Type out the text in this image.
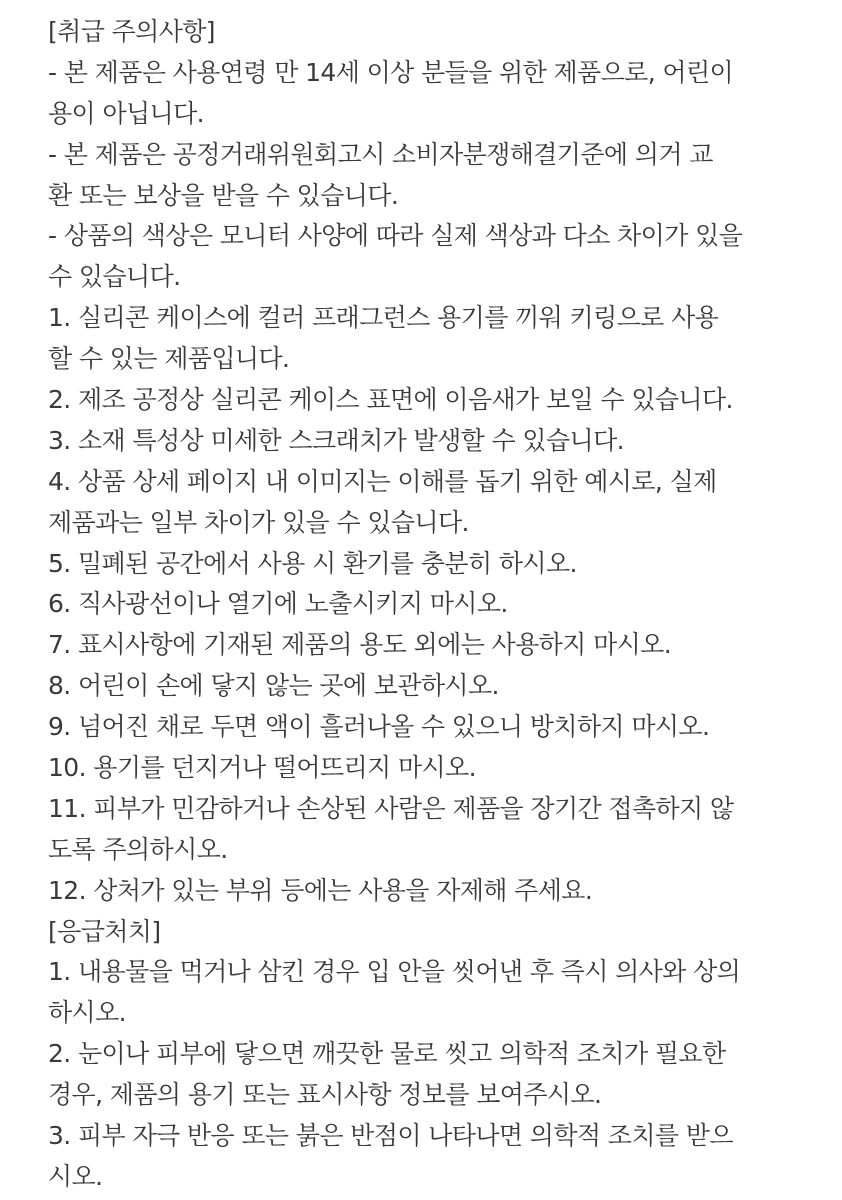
[취급 주의사항]
- 본 제품은 사용연령 만 14세 이상 분들을 위한 제품으로, 어린이
용이 아닙니다.
- 본 제품은 공정거래위원회고시 소비자분쟁해결기준에 의거 교
환 또는 보상을 받을 수 있습니다.
- 상품의 색상은 모니터 사양에 따라 실제 색상과 다소 차이가 있을
수 있습니다.
1. 실리콘 케이스에 컬러 프래그런스 용기를 끼워 키링으로 사용
할 수 있는 제품입니다.
2. 제조 공정상 실리콘 케이스 표면에 이음새가 보일 수 있습니다.
3. 소재 특성상 미세한 스크래치가 발생할 수 있습니다.
4. 상품 상세 페이지 내 이미지는 이해를 돕기 위한 예시로, 실제
제품과는 일부 차이가 있을 수 있습니다.
5. 밀폐된 공간에서 사용 시 환기를 충분히 하시오.
6. 직사광선이나 열기에 노출시키지 마시오.
7. 표시사항에 기재된 제품의 용도 외에는 사용하지 마시오.
8. 어린이 손에 닿지 않는 곳에 보관하시오.
9. 넘어진 채로 두면 액이 흘러나올 수 있으니 방치하지 마시오.
10. 용기를 던지거나 떨어뜨리지 마시오.
11. 피부가 민감하거나 손상된 사람은 제품을 장기간 접촉하지 않
도록 주의하시오.
12. 상처가 있는 부위 등에는 사용을 자제해 주세요.
[응급처치]
1. 내용물을 먹거나 삼킨 경우 입 안을 씻어낸 후 즉시 의사와 상의
하시오.
2. 눈이나 피부에 닿으면 깨끗한 물로 씻고 의학적 조치가 필요한
경우, 제품의 용기 또는 표시사항 정보를 보여주시오.
3. 피부 자극 반응 또는 붉은 반점이 나타나면 의학적 조치를 받으
시오.
